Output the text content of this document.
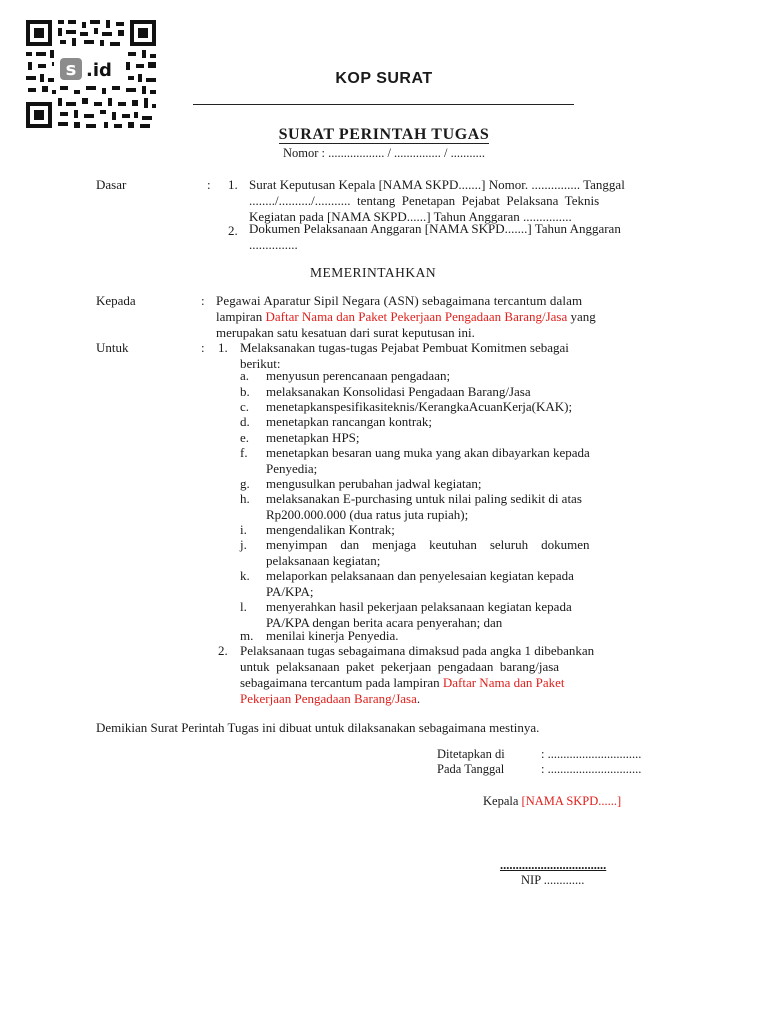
s .id	KOP SURAT
SURAT PERINTAH TUGAS
Nomor : .................. / ............... / ...........
Dasar	: 1. Surat Keputusan Kepala [NAMA SKPD.......] Nomor. ............... Tanggal
......../........../...........  tentang  Penetapan  Pejabat  Pelaksana  Teknis
Kegiatan pada [NAMA SKPD......] Tahun Anggaran ...............
2. Dokumen Pelaksanaan Anggaran [NAMA SKPD.......] Tahun Anggaran
...............
MEMERINTAHKAN
Kepada	: Pegawai Aparatur Sipil Negara (ASN) sebagaimana tercantum dalam
lampiran Daftar Nama dan Paket Pekerjaan Pengadaan Barang/Jasa yang
merupakan satu kesatuan dari surat keputusan ini.
Untuk	: 1. Melaksanakan tugas-tugas Pejabat Pembuat Komitmen sebagai
berikut:
a. menyusun perencanaan pengadaan;
b. melaksanakan Konsolidasi Pengadaan Barang/Jasa
c. menetapkanspesifikasiteknis/KerangkaAcuanKerja(KAK);
d. menetapkan rancangan kontrak;
e. menetapkan HPS;
f. menetapkan besaran uang muka yang akan dibayarkan kepada
Penyedia;
g. mengusulkan perubahan jadwal kegiatan;
h. melaksanakan E-purchasing untuk nilai paling sedikit di atas
Rp200.000.000 (dua ratus juta rupiah);
i. mengendalikan Kontrak;
j. menyimpan    dan    menjaga    keutuhan    seluruh    dokumen
pelaksanaan kegiatan;
k. melaporkan pelaksanaan dan penyelesaian kegiatan kepada
PA/KPA;
l. menyerahkan hasil pekerjaan pelaksanaan kegiatan kepada
PA/KPA dengan berita acara penyerahan; dan
m. menilai kinerja Penyedia.
2. Pelaksanaan tugas sebagaimana dimaksud pada angka 1 dibebankan
untuk  pelaksanaan  paket  pekerjaan  pengadaan  barang/jasa
sebagaimana tercantum pada lampiran Daftar Nama dan Paket
Pekerjaan Pengadaan Barang/Jasa.
Demikian Surat Perintah Tugas ini dibuat untuk dilaksanakan sebagaimana mestinya.
Ditetapkan di	: ..............................
Pada Tanggal	: ..............................
Kepala [NAMA SKPD......]
..................................
NIP .............
